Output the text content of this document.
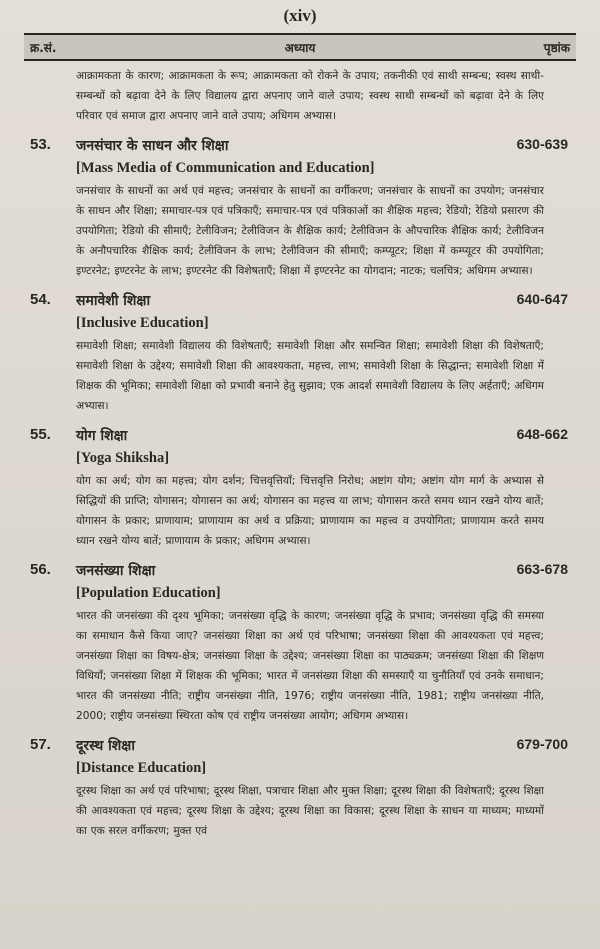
(xiv)
अध्याय
क्र.सं.	पृष्ठांक
आक्रामकता के कारण; आक्रामकता के रूप; आक्रामकता को रोकने के उपाय; तकनीकी एवं साथी सम्बन्ध; स्वस्थ साथी-सम्बन्धों को बढ़ावा देने के लिए विद्यालय द्वारा अपनाए जाने वाले उपाय; स्वस्थ साथी सम्बन्धों को बढ़ावा देने के लिए परिवार एवं समाज द्वारा अपनाए जाने वाले उपाय; अधिगम अभ्यास।
53. जनसंचार के साधन और शिक्षा	630-639
[Mass Media of Communication and Education]
जनसंचार के साधनों का अर्थ एवं महत्त्व; जनसंचार के साधनों का वर्गीकरण; जनसंचार के साधनों का उपयोग; जनसंचार के साधन और शिक्षा; समाचार-पत्र एवं पत्रिकाएँ; समाचार-पत्र एवं पत्रिकाओं का शैक्षिक महत्त्व; रेडियो; रेडियो प्रसारण की उपयोगिता; रेडियो की सीमाएँ; टेलीविजन; टेलीविजन के शैक्षिक कार्य; टेलीविजन के औपचारिक शैक्षिक कार्य; टेलीविजन के अनौपचारिक शैक्षिक कार्य; टेलीविजन के लाभ; टेलीविजन की सीमाएँ; कम्प्यूटर; शिक्षा में कम्प्यूटर की उपयोगिता; इण्टरनेट; इण्टरनेट के लाभ; इण्टरनेट की विशेषताएँ; शिक्षा में इण्टरनेट का योगदान; नाटक; चलचित्र; अधिगम अभ्यास।
54. समावेशी शिक्षा	640-647
[Inclusive Education]
समावेशी शिक्षा; समावेशी विद्यालय की विशेषताएँ; समावेशी शिक्षा और समन्वित शिक्षा; समावेशी शिक्षा की विशेषताएँ; समावेशी शिक्षा के उद्देश्य; समावेशी शिक्षा की आवश्यकता, महत्त्व, लाभ; समावेशी शिक्षा के सिद्धान्त; समावेशी शिक्षा में शिक्षक की भूमिका; समावेशी शिक्षा को प्रभावी बनाने हेतु सुझाव; एक आदर्श समावेशी विद्यालय के लिए अर्हताएँ; अधिगम अभ्यास।
55. योग शिक्षा	648-662
[Yoga Shiksha]
योग का अर्थ; योग का महत्त्व; योग दर्शन; चित्तवृत्तियाँ; चित्तवृत्ति निरोध; अष्टांग योग; अष्टांग योग मार्ग के अभ्यास से सिद्धियों की प्राप्ति; योगासन; योगासन का अर्थ; योगासन का महत्त्व या लाभ; योगासन करते समय ध्यान रखने योग्य बातें; योगासन के प्रकार; प्राणायाम; प्राणायाम का अर्थ व प्रक्रिया; प्राणायाम का महत्त्व व उपयोगिता; प्राणायाम करते समय ध्यान रखने योग्य बातें; प्राणायाम के प्रकार; अधिगम अभ्यास।
56. जनसंख्या शिक्षा	663-678
[Population Education]
भारत की जनसंख्या की दृश्य भूमिका; जनसंख्या वृद्धि के कारण; जनसंख्या वृद्धि के प्रभाव; जनसंख्या वृद्धि की समस्या का समाधान कैसे किया जाए? जनसंख्या शिक्षा का अर्थ एवं परिभाषा; जनसंख्या शिक्षा की आवश्यकता एवं महत्त्व; जनसंख्या शिक्षा का विषय-क्षेत्र; जनसंख्या शिक्षा के उद्देश्य; जनसंख्या शिक्षा का पाठ्यक्रम; जनसंख्या शिक्षा की शिक्षण विधियाँ; जनसंख्या शिक्षा में शिक्षक की भूमिका; भारत में जनसंख्या शिक्षा की समस्याएँ या चुनौतियाँ एवं उनके समाधान; भारत की जनसंख्या नीति; राष्ट्रीय जनसंख्या नीति, 1976; राष्ट्रीय जनसंख्या नीति, 1981; राष्ट्रीय जनसंख्या नीति, 2000; राष्ट्रीय जनसंख्या स्थिरता कोष एवं राष्ट्रीय जनसंख्या आयोग; अधिगम अभ्यास।
57. दूरस्थ शिक्षा	679-700
[Distance Education]
दूरस्थ शिक्षा का अर्थ एवं परिभाषा; दूरस्थ शिक्षा, पत्राचार शिक्षा और मुक्त शिक्षा; दूरस्थ शिक्षा की विशेषताएँ; दूरस्थ शिक्षा की आवश्यकता एवं महत्त्व; दूरस्थ शिक्षा के उद्देश्य; दूरस्थ शिक्षा का विकास; दूरस्थ शिक्षा के साधन या माध्यम; माध्यमों का एक सरल वर्गीकरण; मुक्त एवं
